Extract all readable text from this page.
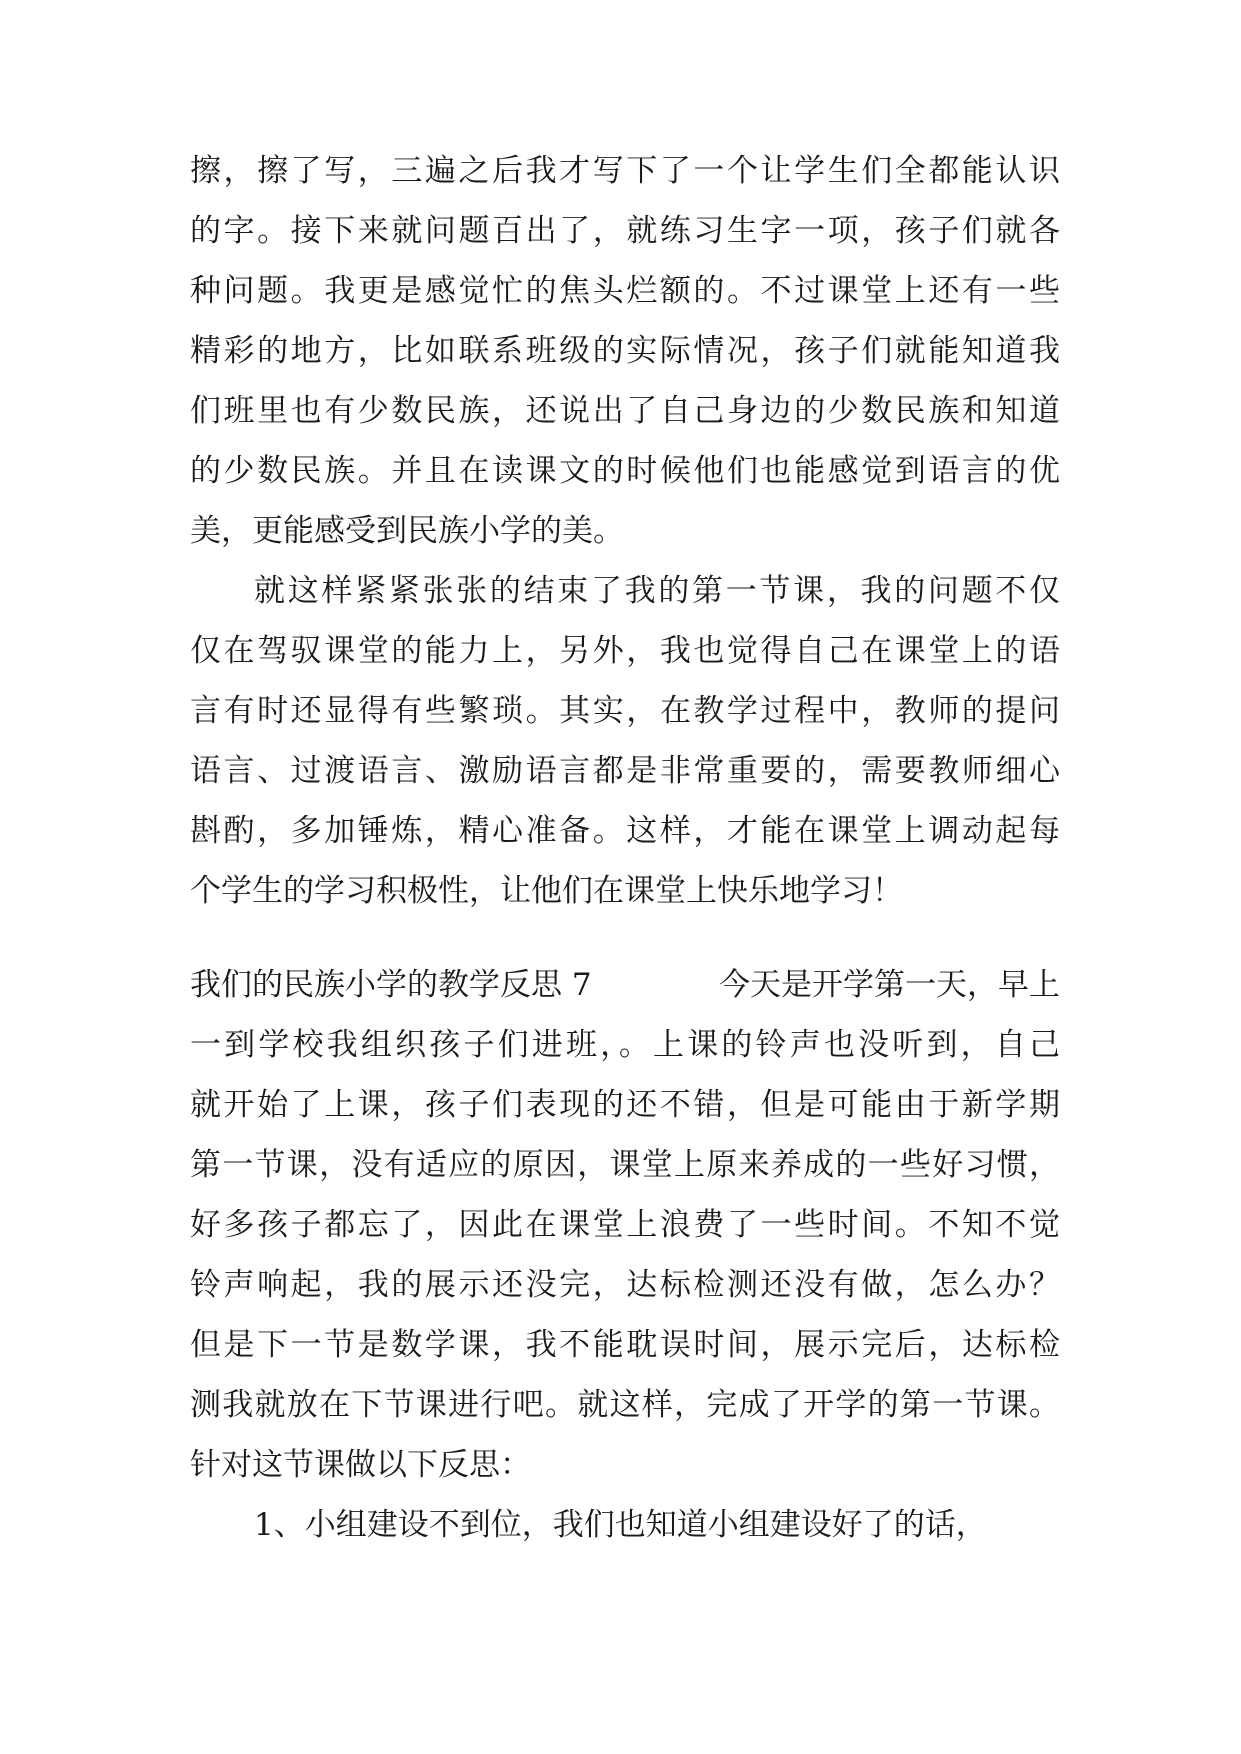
擦，擦了写，三遍之后我才写下了一个让学生们全都能认识
的字。接下来就问题百出了，就练习生字一项，孩子们就各
种问题。我更是感觉忙的焦头烂额的。不过课堂上还有一些
精彩的地方，比如联系班级的实际情况，孩子们就能知道我
们班里也有少数民族，还说出了自己身边的少数民族和知道
的少数民族。并且在读课文的时候他们也能感觉到语言的优
美，更能感受到民族小学的美。
就这样紧紧张张的结束了我的第一节课，我的问题不仅
仅在驾驭课堂的能力上，另外，我也觉得自己在课堂上的语
言有时还显得有些繁琐。其实，在教学过程中，教师的提问
语言、过渡语言、激励语言都是非常重要的，需要教师细心
斟酌，多加锤炼，精心准备。这样，才能在课堂上调动起每
个学生的学习积极性，让他们在课堂上快乐地学习！
我们的民族小学的教学反思 7	今天是开学第一天，早上
一到学校我组织孩子们进班，。上课的铃声也没听到，自己
就开始了上课，孩子们表现的还不错，但是可能由于新学期
第一节课，没有适应的原因，课堂上原来养成的一些好习惯，
好多孩子都忘了，因此在课堂上浪费了一些时间。不知不觉
铃声响起，我的展示还没完，达标检测还没有做，怎么办？
但是下一节是数学课，我不能耽误时间，展示完后，达标检
测我就放在下节课进行吧。就这样，完成了开学的第一节课。
针对这节课做以下反思：
1、小组建设不到位，我们也知道小组建设好了的话，
